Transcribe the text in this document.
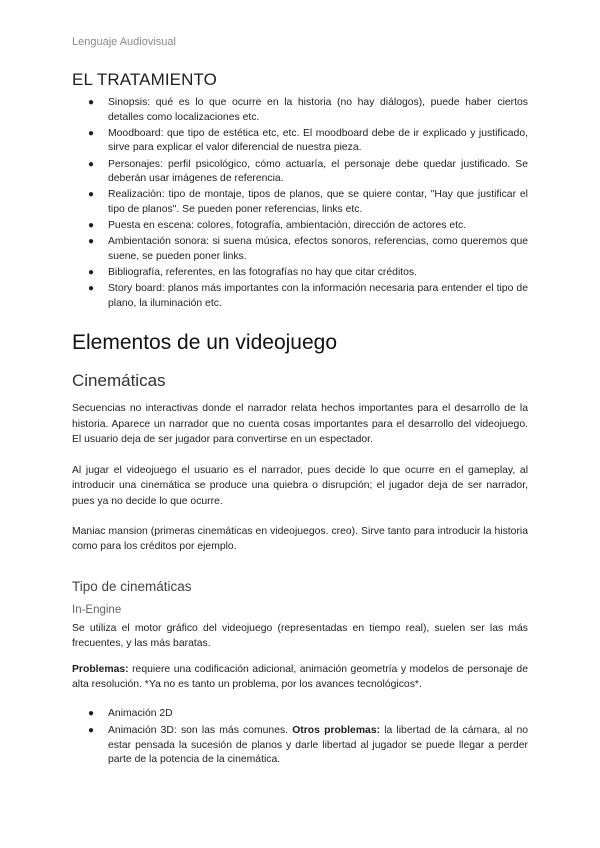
Lenguaje Audiovisual
EL TRATAMIENTO
● Sinopsis: qué es lo que ocurre en la historia (no hay diálogos), puede haber ciertos detalles como localizaciones etc.
● Moodboard: que tipo de estética etc, etc. El moodboard debe de ir explicado y justificado, sirve para explicar el valor diferencial de nuestra pieza.
● Personajes: perfil psicológico, cómo actuaría, el personaje debe quedar justificado. Se deberán usar imágenes de referencia.
● Realización: tipo de montaje, tipos de planos, que se quiere contar, "Hay que justificar el tipo de planos". Se pueden poner referencias, links etc.
● Puesta en escena: colores, fotografía, ambientación, dirección de actores etc.
● Ambientación sonora: si suena música, efectos sonoros, referencias, como queremos que suene, se pueden poner links.
● Bibliografía, referentes, en las fotografías no hay que citar créditos.
● Story board: planos más importantes con la información necesaria para entender el tipo de plano, la iluminación etc.
Elementos de un videojuego
Cinemáticas

Secuencias no interactivas donde el narrador relata hechos importantes para el desarrollo de la historia. Aparece un narrador que no cuenta cosas importantes para el desarrollo del videojuego. El usuario deja de ser jugador para convertirse en un espectador.

Al jugar el videojuego el usuario es el narrador, pues decide lo que ocurre en el gameplay, al introducir una cinemática se produce una quiebra o disrupción; el jugador deja de ser narrador, pues ya no decide lo que ocurre.

Maniac mansion (primeras cinemáticas en videojuegos. creo). Sirve tanto para introducir la historia como para los créditos por ejemplo.

Tipo de cinemáticas
In-Engine

Se utiliza el motor gráfico del videojuego (representadas en tiempo real), suelen ser las más frecuentes, y las más baratas.

Problemas: requiere una codificación adicional, animación geometría y modelos de personaje de alta resolución. *Ya no es tanto un problema, por los avances tecnológicos*.

● Animación 2D
● Animación 3D: son las más comunes. Otros problemas: la libertad de la cámara, al no estar pensada la sucesión de planos y darle libertad al jugador se puede llegar a perder parte de la potencia de la cinemática.
